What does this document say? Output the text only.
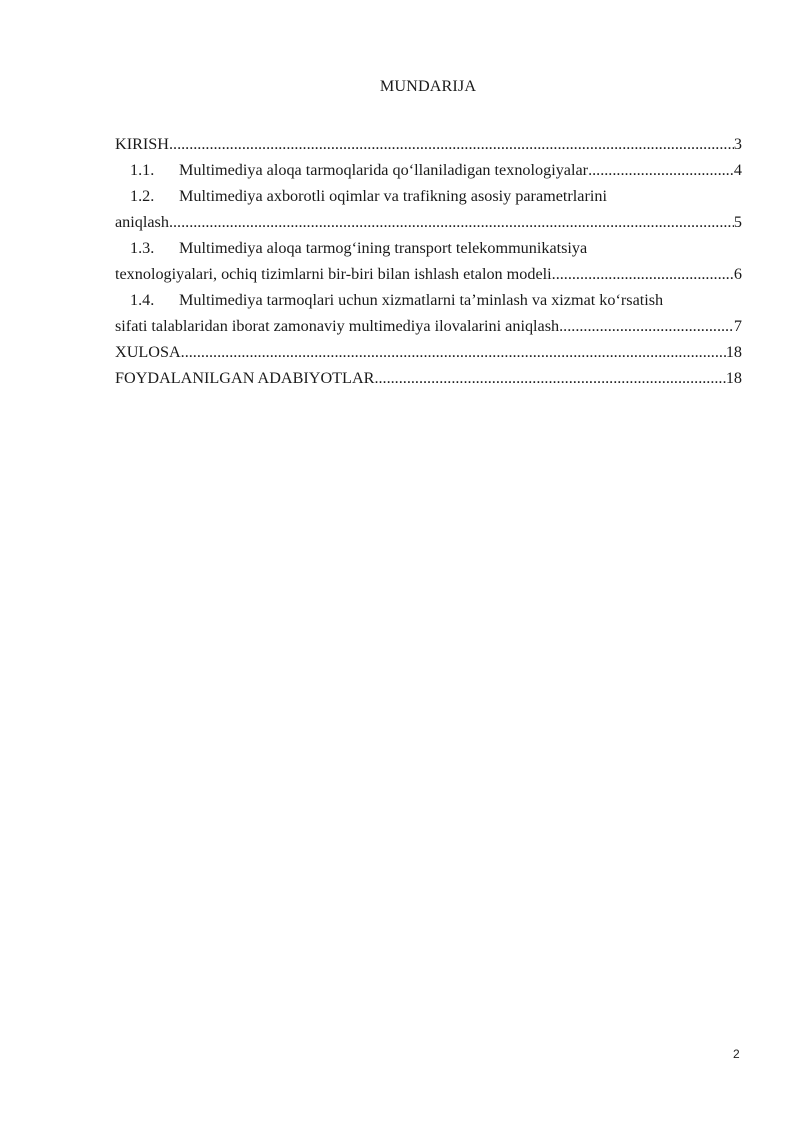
MUNDARIJA
KIRISH .....	3
1.1.	Multimediya aloqa tarmoqlarida qo‘llaniladigan texnologiyalar .....	4
1.2. Multimediya axborotli oqimlar va trafikning asosiy parametrlarini
aniqlash .....	5
1.3. Multimediya aloqa tarmog‘ining transport telekommunikatsiya
texnologiyalari, ochiq tizimlarni bir-biri bilan ishlash etalon modeli .....	6
1.4. Multimediya tarmoqlari uchun xizmatlarni ta’minlash va xizmat ko‘rsatish
sifati talablaridan iborat zamonaviy multimediya ilovalarini aniqlash .....	7
XULOSA .....	18
FOYDALANILGAN ADABIYOTLAR .....	18
2
